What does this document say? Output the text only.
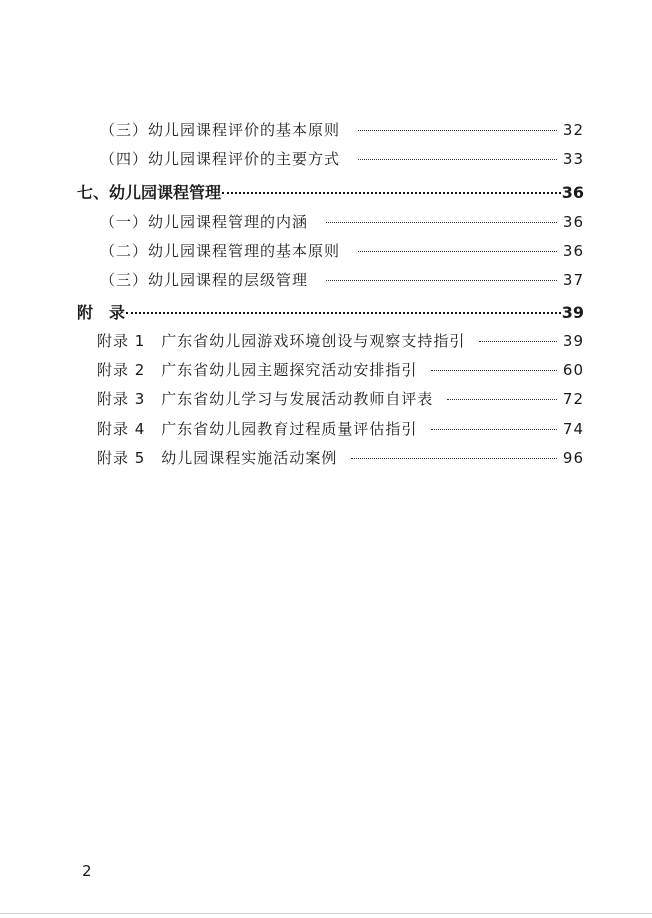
（三）幼儿园课程评价的基本原则	32
（四）幼儿园课程评价的主要方式	33
七、幼儿园课程管理	36
（一）幼儿园课程管理的内涵	36
（二）幼儿园课程管理的基本原则	36
（三）幼儿园课程的层级管理	37
附　录	39
附录 1　广东省幼儿园游戏环境创设与观察支持指引	39
附录 2　广东省幼儿园主题探究活动安排指引	60
附录 3　广东省幼儿学习与发展活动教师自评表	72
附录 4　广东省幼儿园教育过程质量评估指引	74
附录 5　幼儿园课程实施活动案例	96
2
